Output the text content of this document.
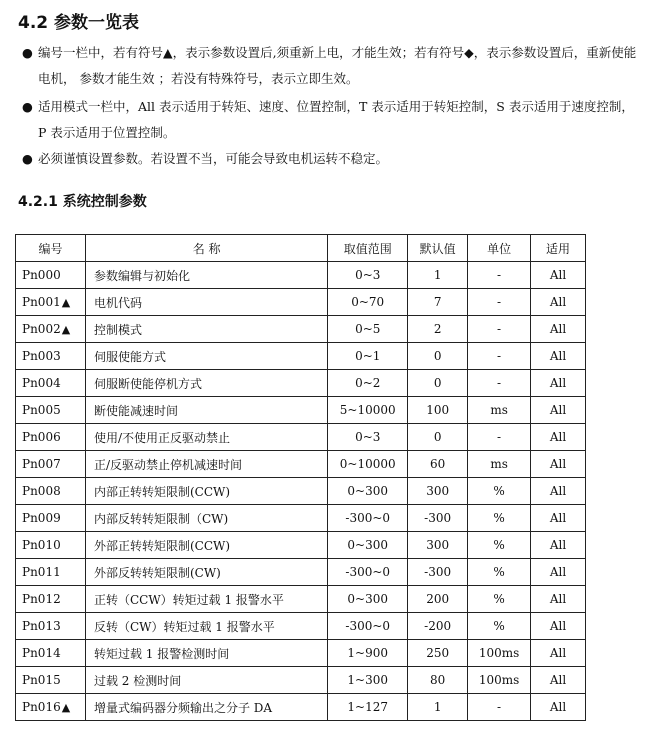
4.2 参数一览表
● 编号一栏中，若有符号▲，表示参数设置后,须重新上电，才能生效；若有符号◆，表示参数设置后，重新使能电机， 参数才能生效 ；若没有特殊符号，表示立即生效。
● 适用模式一栏中，All 表示适用于转矩、速度、位置控制，T 表示适用于转矩控制，S 表示适用于速度控制，P 表示适用于位置控制。
● 必须谨慎设置参数。若设置不当，可能会导致电机运转不稳定。
4.2.1 系统控制参数
编号	名 称	取值范围	默认值	单位	适用
Pn000	参数编辑与初始化	0~3	1	-	All
Pn001▲	电机代码	0~70	7	-	All
Pn002▲	控制模式	0~5	2	-	All
Pn003	伺服使能方式	0~1	0	-	All
Pn004	伺服断使能停机方式	0~2	0	-	All
Pn005	断使能减速时间	5~10000	100	ms	All
Pn006	使用/不使用正反驱动禁止	0~3	0	-	All
Pn007	正/反驱动禁止停机减速时间	0~10000	60	ms	All
Pn008	内部正转转矩限制(CCW)	0~300	300	%	All
Pn009	内部反转转矩限制（CW)	-300~0	-300	%	All
Pn010	外部正转转矩限制(CCW)	0~300	300	%	All
Pn011	外部反转转矩限制(CW)	-300~0	-300	%	All
Pn012	正转（CCW）转矩过载 1 报警水平	0~300	200	%	All
Pn013	反转（CW）转矩过载 1 报警水平	-300~0	-200	%	All
Pn014	转矩过载 1 报警检测时间	1~900	250	100ms	All
Pn015	过载 2 检测时间	1~300	80	100ms	All
Pn016▲	增量式编码器分频输出之分子 DA	1~127	1	-	All
